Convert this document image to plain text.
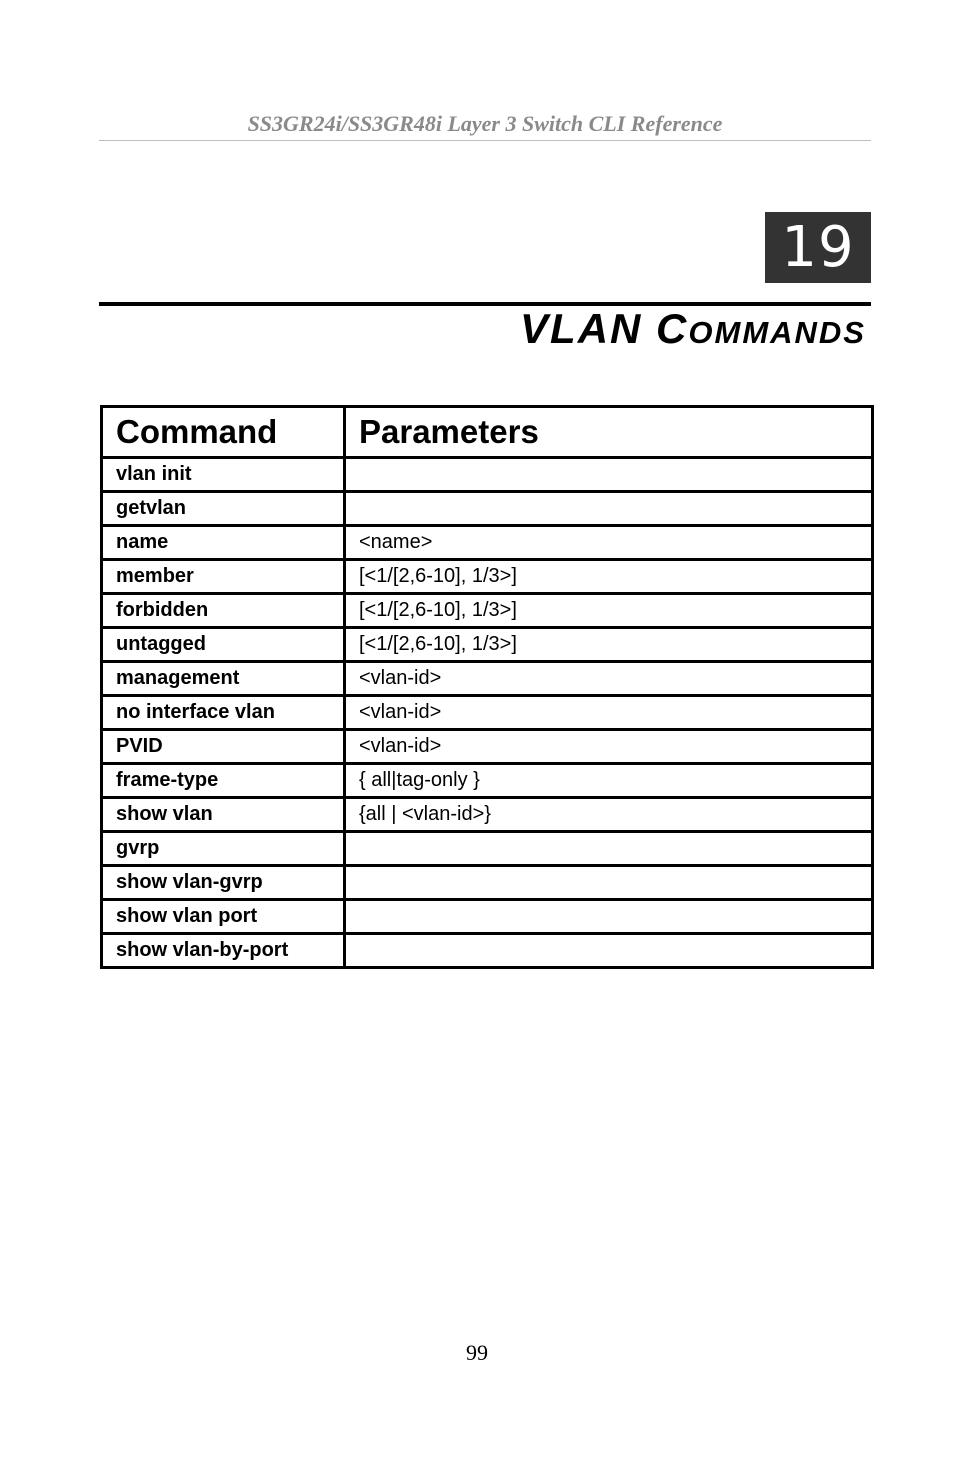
SS3GR24i/SS3GR48i Layer 3 Switch CLI Reference
19
VLAN COMMANDS
Command	Parameters
vlan init	
getvlan	
name	<name>
member	[<1/[2,6-10], 1/3>]
forbidden	[<1/[2,6-10], 1/3>]
untagged	[<1/[2,6-10], 1/3>]
management	<vlan-id>
no interface vlan	<vlan-id>
PVID	<vlan-id>
frame-type	{ all|tag-only }
show vlan	{all | <vlan-id>}
gvrp	
show vlan-gvrp	
show vlan port	
show vlan-by-port	
99
